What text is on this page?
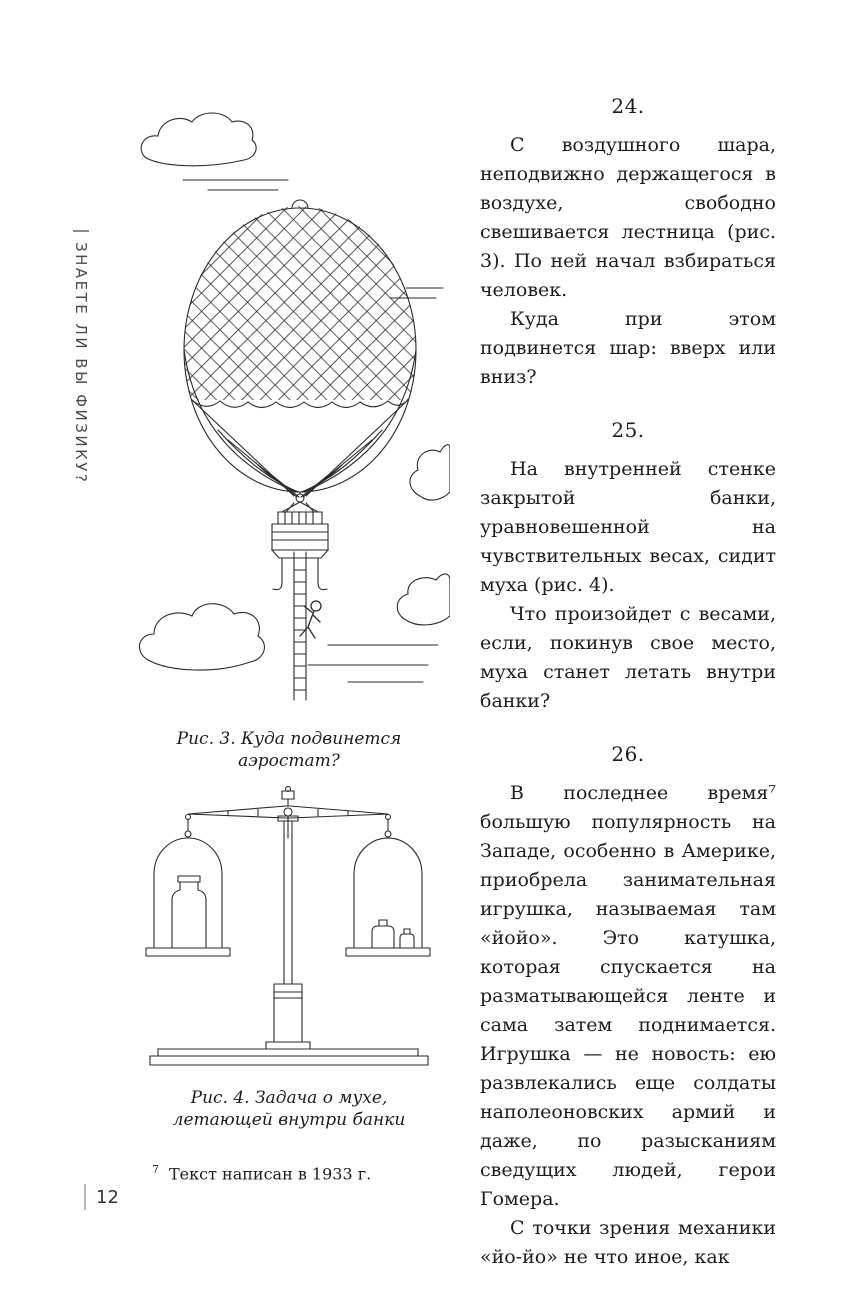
ЗНАЕТЕ ЛИ ВЫ ФИЗИКУ?
Рис. 3. Куда подвинется аэростат?
Рис. 4. Задача о мухе, летающей внутри банки
$^7$ Текст написан в 1933 г.
24.

С воздушного шара, неподвижно держащегося в воздухе, свободно свешивается лестница (рис. 3). По ней начал взбираться человек.

Куда при этом подвинется шар: вверх или вниз?

25.

На внутренней стенке закрытой банки, уравновешенной на чувствительных весах, сидит муха (рис. 4).

Что произойдет с весами, если, покинув свое место, муха станет летать внутри банки?

26.

В последнее время⁷ большую популярность на Западе, особенно в Америке, приобрела занимательная игрушка, называемая там «йойо». Это катушка, которая спускается на разматывающейся ленте и сама затем поднимается. Игрушка — не новость: ею развлекались еще солдаты наполеоновских армий и даже, по разысканиям сведущих людей, герои Гомера.

С точки зрения механики «йо-йо» не что иное, как

12
